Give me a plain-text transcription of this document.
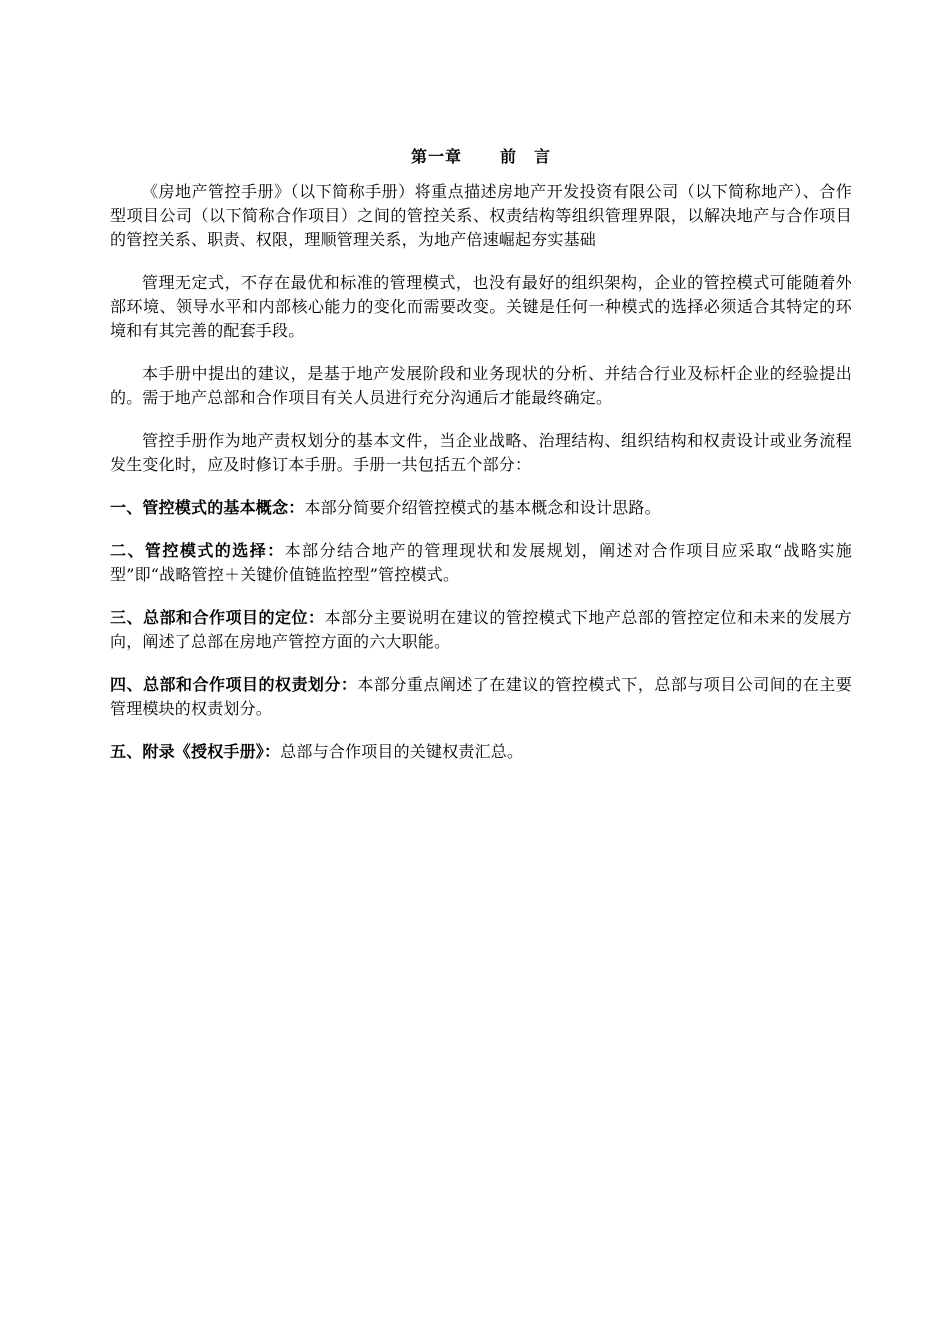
第一章 前　言

《房地产管控手册》（以下简称手册）将重点描述房地产开发投资有限公司（以下简称地产）、合作型项目公司（以下简称合作项目）之间的管控关系、权责结构等组织管理界限，以解决地产与合作项目的管控关系、职责、权限，理顺管理关系，为地产倍速崛起夯实基础

管理无定式，不存在最优和标准的管理模式，也没有最好的组织架构，企业的管控模式可能随着外部环境、领导水平和内部核心能力的变化而需要改变。关键是任何一种模式的选择必须适合其特定的环境和有其完善的配套手段。

本手册中提出的建议，是基于地产发展阶段和业务现状的分析、并结合行业及标杆企业的经验提出的。需于地产总部和合作项目有关人员进行充分沟通后才能最终确定。

管控手册作为地产责权划分的基本文件，当企业战略、治理结构、组织结构和权责设计或业务流程发生变化时，应及时修订本手册。手册一共包括五个部分：

一、管控模式的基本概念：本部分简要介绍管控模式的基本概念和设计思路。

二、管控模式的选择：本部分结合地产的管理现状和发展规划，阐述对合作项目应采取“战略实施型”即“战略管控＋关键价值链监控型”管控模式。

三、总部和合作项目的定位：本部分主要说明在建议的管控模式下地产总部的管控定位和未来的发展方向，阐述了总部在房地产管控方面的六大职能。

四、总部和合作项目的权责划分：本部分重点阐述了在建议的管控模式下，总部与项目公司间的在主要管理模块的权责划分。

五、附录《授权手册》：总部与合作项目的关键权责汇总。
